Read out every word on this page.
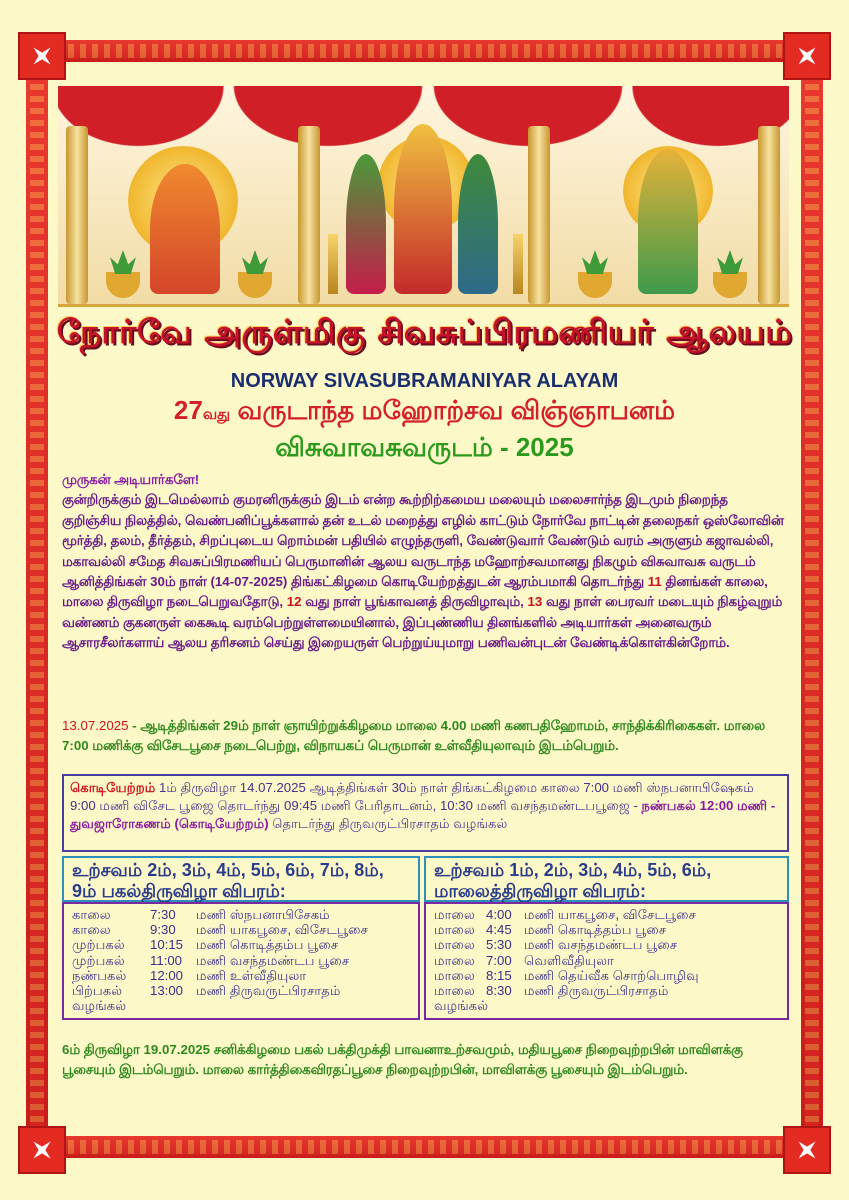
நோர்வே அருள்மிகு சிவசுப்பிரமணியர் ஆலயம்
NORWAY SIVASUBRAMANIYAR ALAYAM
27வது வருடாந்த மஹோற்சவ விஞ்ஞாபனம்
விசுவாவசுவருடம் - 2025
முருகன் அடியார்களே!
குன்றிருக்கும் இடமெல்லாம் குமரனிருக்கும் இடம் என்ற கூற்றிற்கமைய மலையும் மலைசார்ந்த இடமும் நிறைந்த குறிஞ்சிய நிலத்தில், வெண்பனிப்பூக்களால் தன் உடல் மறைத்து எழில் காட்டும் நோர்வே நாட்டின் தலைநகர் ஒஸ்லோவின் மூர்த்தி, தலம், தீர்த்தம், சிறப்புடைய றொம்மன் பதியில் எழுந்தருளி, வேண்டுவார் வேண்டும் வரம் அருளும் கஜாவல்லி, மகாவல்லி சமேத சிவசுப்பிரமணியப் பெருமானின் ஆலய வருடாந்த மஹோற்சவமானது நிகழும் விசுவாவசு வருடம் ஆனித்திங்கள் 30ம் நாள் (14-07-2025) திங்கட்கிழமை கொடியேற்றத்துடன் ஆரம்பமாகி தொடர்ந்து 11 தினங்கள் காலை, மாலை திருவிழா நடைபெறுவதோடு, 12 வது நாள் பூங்காவனத் திருவிழாவும், 13 வது நாள் பைரவர் மடையும் நிகழ்வுறும் வண்ணம் குகனருள் கைகூடி வரம்பெற்றுள்ளமையினால், இப்புண்ணிய தினங்களில் அடியார்கள் அனைவரும் ஆசாரசீலர்களாய் ஆலய தரிசனம் செய்து இறையருள் பெற்றுய்யுமாறு பணிவன்புடன் வேண்டிக்கொள்கின்றோம்.
13.07.2025 - ஆடித்திங்கள் 29ம் நாள் ஞாயிற்றுக்கிழமை மாலை 4.00 மணி கணபதிஹோமம், சாந்திக்கிரிகைகள். மாலை 7:00 மணிக்கு விசேடபூசை நடைபெற்று, விநாயகப் பெருமான் உள்வீதியுலாவும் இடம்பெறும்.
கொடியேற்றம் 1ம் திருவிழா 14.07.2025 ஆடித்திங்கள் 30ம் நாள் திங்கட்கிழமை காலை 7:00 மணி ஸ்நபனாபிஷேகம் 9:00 மணி விசேட பூஜை தொடர்ந்து 09:45 மணி பேரிதாடனம், 10:30 மணி வசந்தமண்டபபூஜை - நண்பகல் 12:00 மணி - துவஜாரோகணம் (கொடியேற்றம்) தொடர்ந்து திருவருட்பிரசாதம் வழங்கல்
உற்சவம் 2ம், 3ம், 4ம், 5ம், 6ம், 7ம், 8ம், 9ம் பகல்திருவிழா விபரம்:
உற்சவம் 1ம், 2ம், 3ம், 4ம், 5ம், 6ம், மாலைத்திருவிழா விபரம்:
காலை	7:30	மணி ஸ்நபனாபிசேகம்
காலை	9:30	மணி யாகபூசை, விசேடபூசை
முற்பகல்	10:15 மணி கொடித்தம்ப பூசை
முற்பகல்	11:00	மணி வசந்தமண்டப பூசை
நண்பகல்	12:00 மணி உள்வீதியுலா
பிற்பகல்	13:00 மணி திருவருட்பிரசாதம்
வழங்கல்
மாலை 4:00 மணி யாகபூசை, விசேடபூசை
மாலை 4:45 மணி கொடித்தம்ப பூசை
மாலை 5:30 மணி வசந்தமண்டப பூசை
மாலை 7:00 வெளிவீதியுலா
மாலை 8:15 மணி தெய்வீக சொற்பொழிவு
மாலை 8:30 மணி திருவருட்பிரசாதம்
வழங்கல்
6ம் திருவிழா 19.07.2025 சனிக்கிழமை பகல் பக்திமுக்தி பாவனாஉற்சவமும், மதியபூசை நிறைவுற்றபின் மாவிளக்கு பூசையும் இடம்பெறும். மாலை கார்த்திகைவிரதப்பூசை நிறைவுற்றபின், மாவிளக்கு பூசையும் இடம்பெறும்.
